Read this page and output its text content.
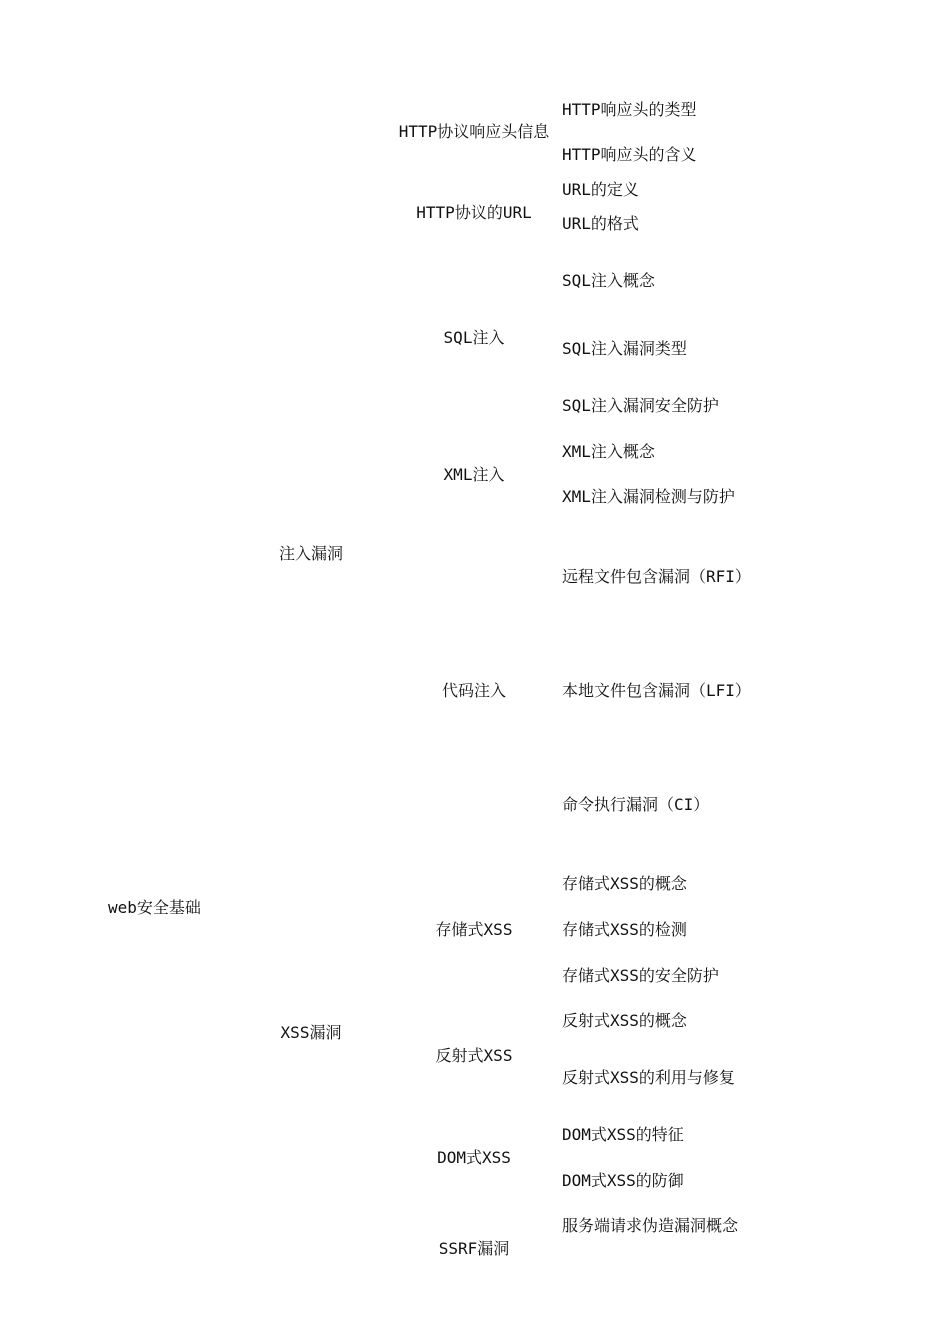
web安全基础
注入漏洞
XSS漏洞
HTTP协议响应头信息
HTTP协议的URL
SQL注入
XML注入
代码注入
存储式XSS
反射式XSS
DOM式XSS
SSRF漏洞
HTTP响应头的类型
HTTP响应头的含义
URL的定义
URL的格式
SQL注入概念
SQL注入漏洞类型
SQL注入漏洞安全防护
XML注入概念
XML注入漏洞检测与防护
远程文件包含漏洞（RFI）
本地文件包含漏洞（LFI）
命令执行漏洞（CI）
存储式XSS的概念
存储式XSS的检测
存储式XSS的安全防护
反射式XSS的概念
反射式XSS的利用与修复
DOM式XSS的特征
DOM式XSS的防御
服务端请求伪造漏洞概念
